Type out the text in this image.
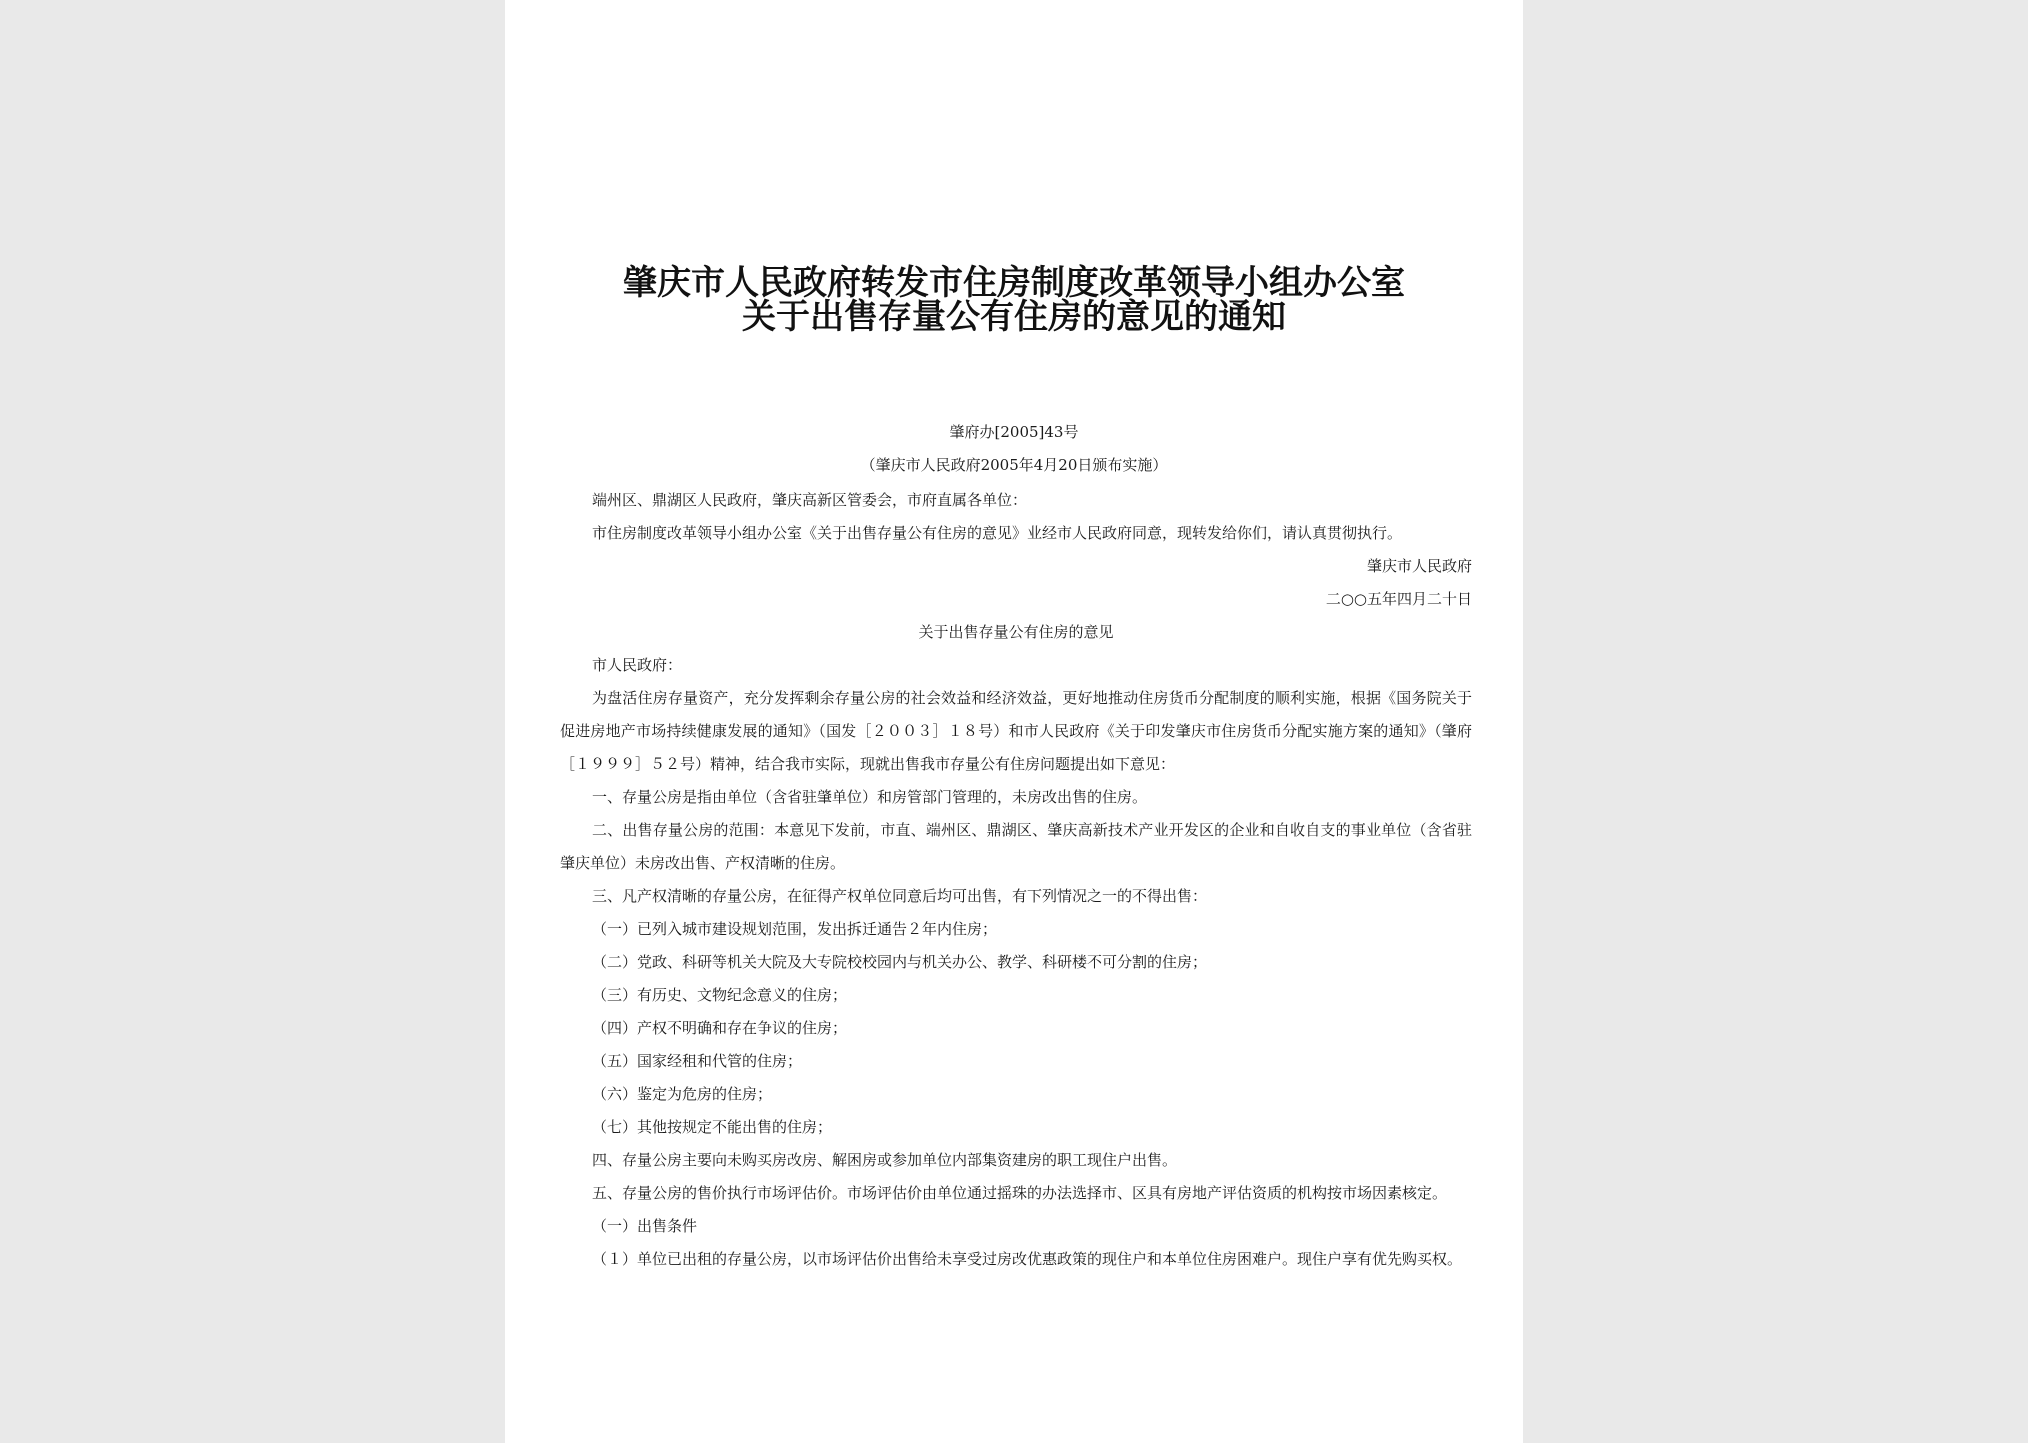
肇庆市人民政府转发市住房制度改革领导小组办公室
关于出售存量公有住房的意见的通知
肇府办[2005]43号
（肇庆市人民政府2005年4月20日颁布实施）

端州区、鼎湖区人民政府，肇庆高新区管委会，市府直属各单位：

市住房制度改革领导小组办公室《关于出售存量公有住房的意见》业经市人民政府同意，现转发给你们，请认真贯彻执行。

肇庆市人民政府

二○○五年四月二十日

关于出售存量公有住房的意见

市人民政府：

为盘活住房存量资产，充分发挥剩余存量公房的社会效益和经济效益，更好地推动住房货币分配制度的顺利实施，根据《国务院关于促进房地产市场持续健康发展的通知》（国发［２００３］１８号）和市人民政府《关于印发肇庆市住房货币分配实施方案的通知》（肇府［１９９９］５２号）精神，结合我市实际，现就出售我市存量公有住房问题提出如下意见：

一、存量公房是指由单位（含省驻肇单位）和房管部门管理的，未房改出售的住房。

二、出售存量公房的范围：本意见下发前，市直、端州区、鼎湖区、肇庆高新技术产业开发区的企业和自收自支的事业单位（含省驻肇庆单位）未房改出售、产权清晰的住房。

三、凡产权清晰的存量公房，在征得产权单位同意后均可出售，有下列情况之一的不得出售：

（一）已列入城市建设规划范围，发出拆迁通告２年内住房；

（二）党政、科研等机关大院及大专院校校园内与机关办公、教学、科研楼不可分割的住房；

（三）有历史、文物纪念意义的住房；

（四）产权不明确和存在争议的住房；

（五）国家经租和代管的住房；

（六）鉴定为危房的住房；

（七）其他按规定不能出售的住房；

四、存量公房主要向未购买房改房、解困房或参加单位内部集资建房的职工现住户出售。

五、存量公房的售价执行市场评估价。市场评估价由单位通过摇珠的办法选择市、区具有房地产评估资质的机构按市场因素核定。

（一）出售条件

（１）单位已出租的存量公房，以市场评估价出售给未享受过房改优惠政策的现住户和本单位住房困难户。现住户享有优先购买权。
